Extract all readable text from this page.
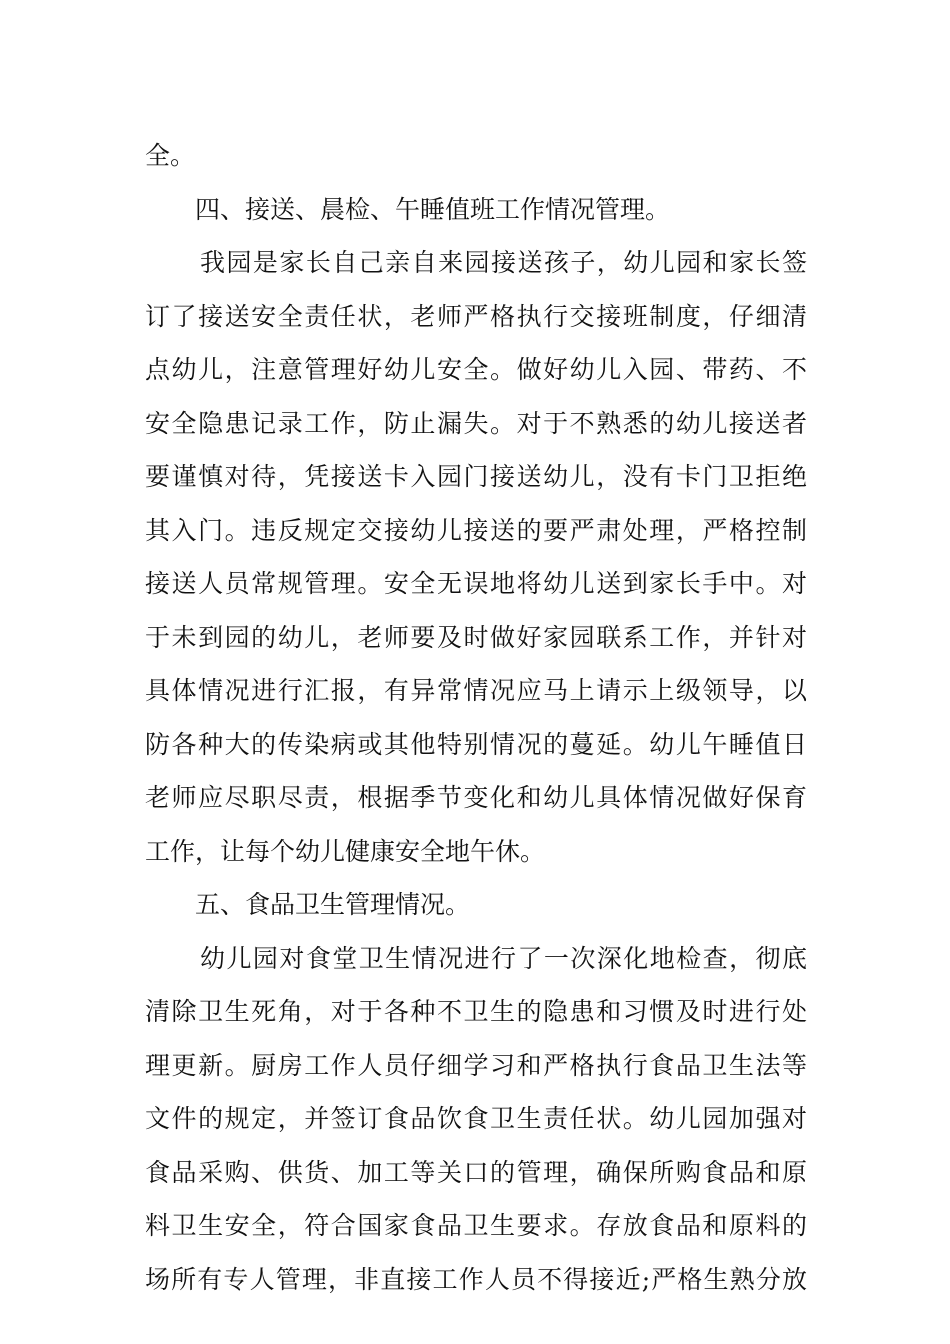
全。
四、接送、晨检、午睡值班工作情况管理。
我园是家长自己亲自来园接送孩子，幼儿园和家长签
订了接送安全责任状，老师严格执行交接班制度，仔细清
点幼儿，注意管理好幼儿安全。做好幼儿入园、带药、不
安全隐患记录工作，防止漏失。对于不熟悉的幼儿接送者
要谨慎对待，凭接送卡入园门接送幼儿，没有卡门卫拒绝
其入门。违反规定交接幼儿接送的要严肃处理，严格控制
接送人员常规管理。安全无误地将幼儿送到家长手中。对
于未到园的幼儿，老师要及时做好家园联系工作，并针对
具体情况进行汇报，有异常情况应马上请示上级领导，以
防各种大的传染病或其他特别情况的蔓延。幼儿午睡值日
老师应尽职尽责，根据季节变化和幼儿具体情况做好保育
工作，让每个幼儿健康安全地午休。
五、食品卫生管理情况。
幼儿园对食堂卫生情况进行了一次深化地检查，彻底
清除卫生死角，对于各种不卫生的隐患和习惯及时进行处
理更新。厨房工作人员仔细学习和严格执行食品卫生法等
文件的规定，并签订食品饮食卫生责任状。幼儿园加强对
食品采购、供货、加工等关口的管理，确保所购食品和原
料卫生安全，符合国家食品卫生要求。存放食品和原料的
场所有专人管理，非直接工作人员不得接近;严格生熟分放
